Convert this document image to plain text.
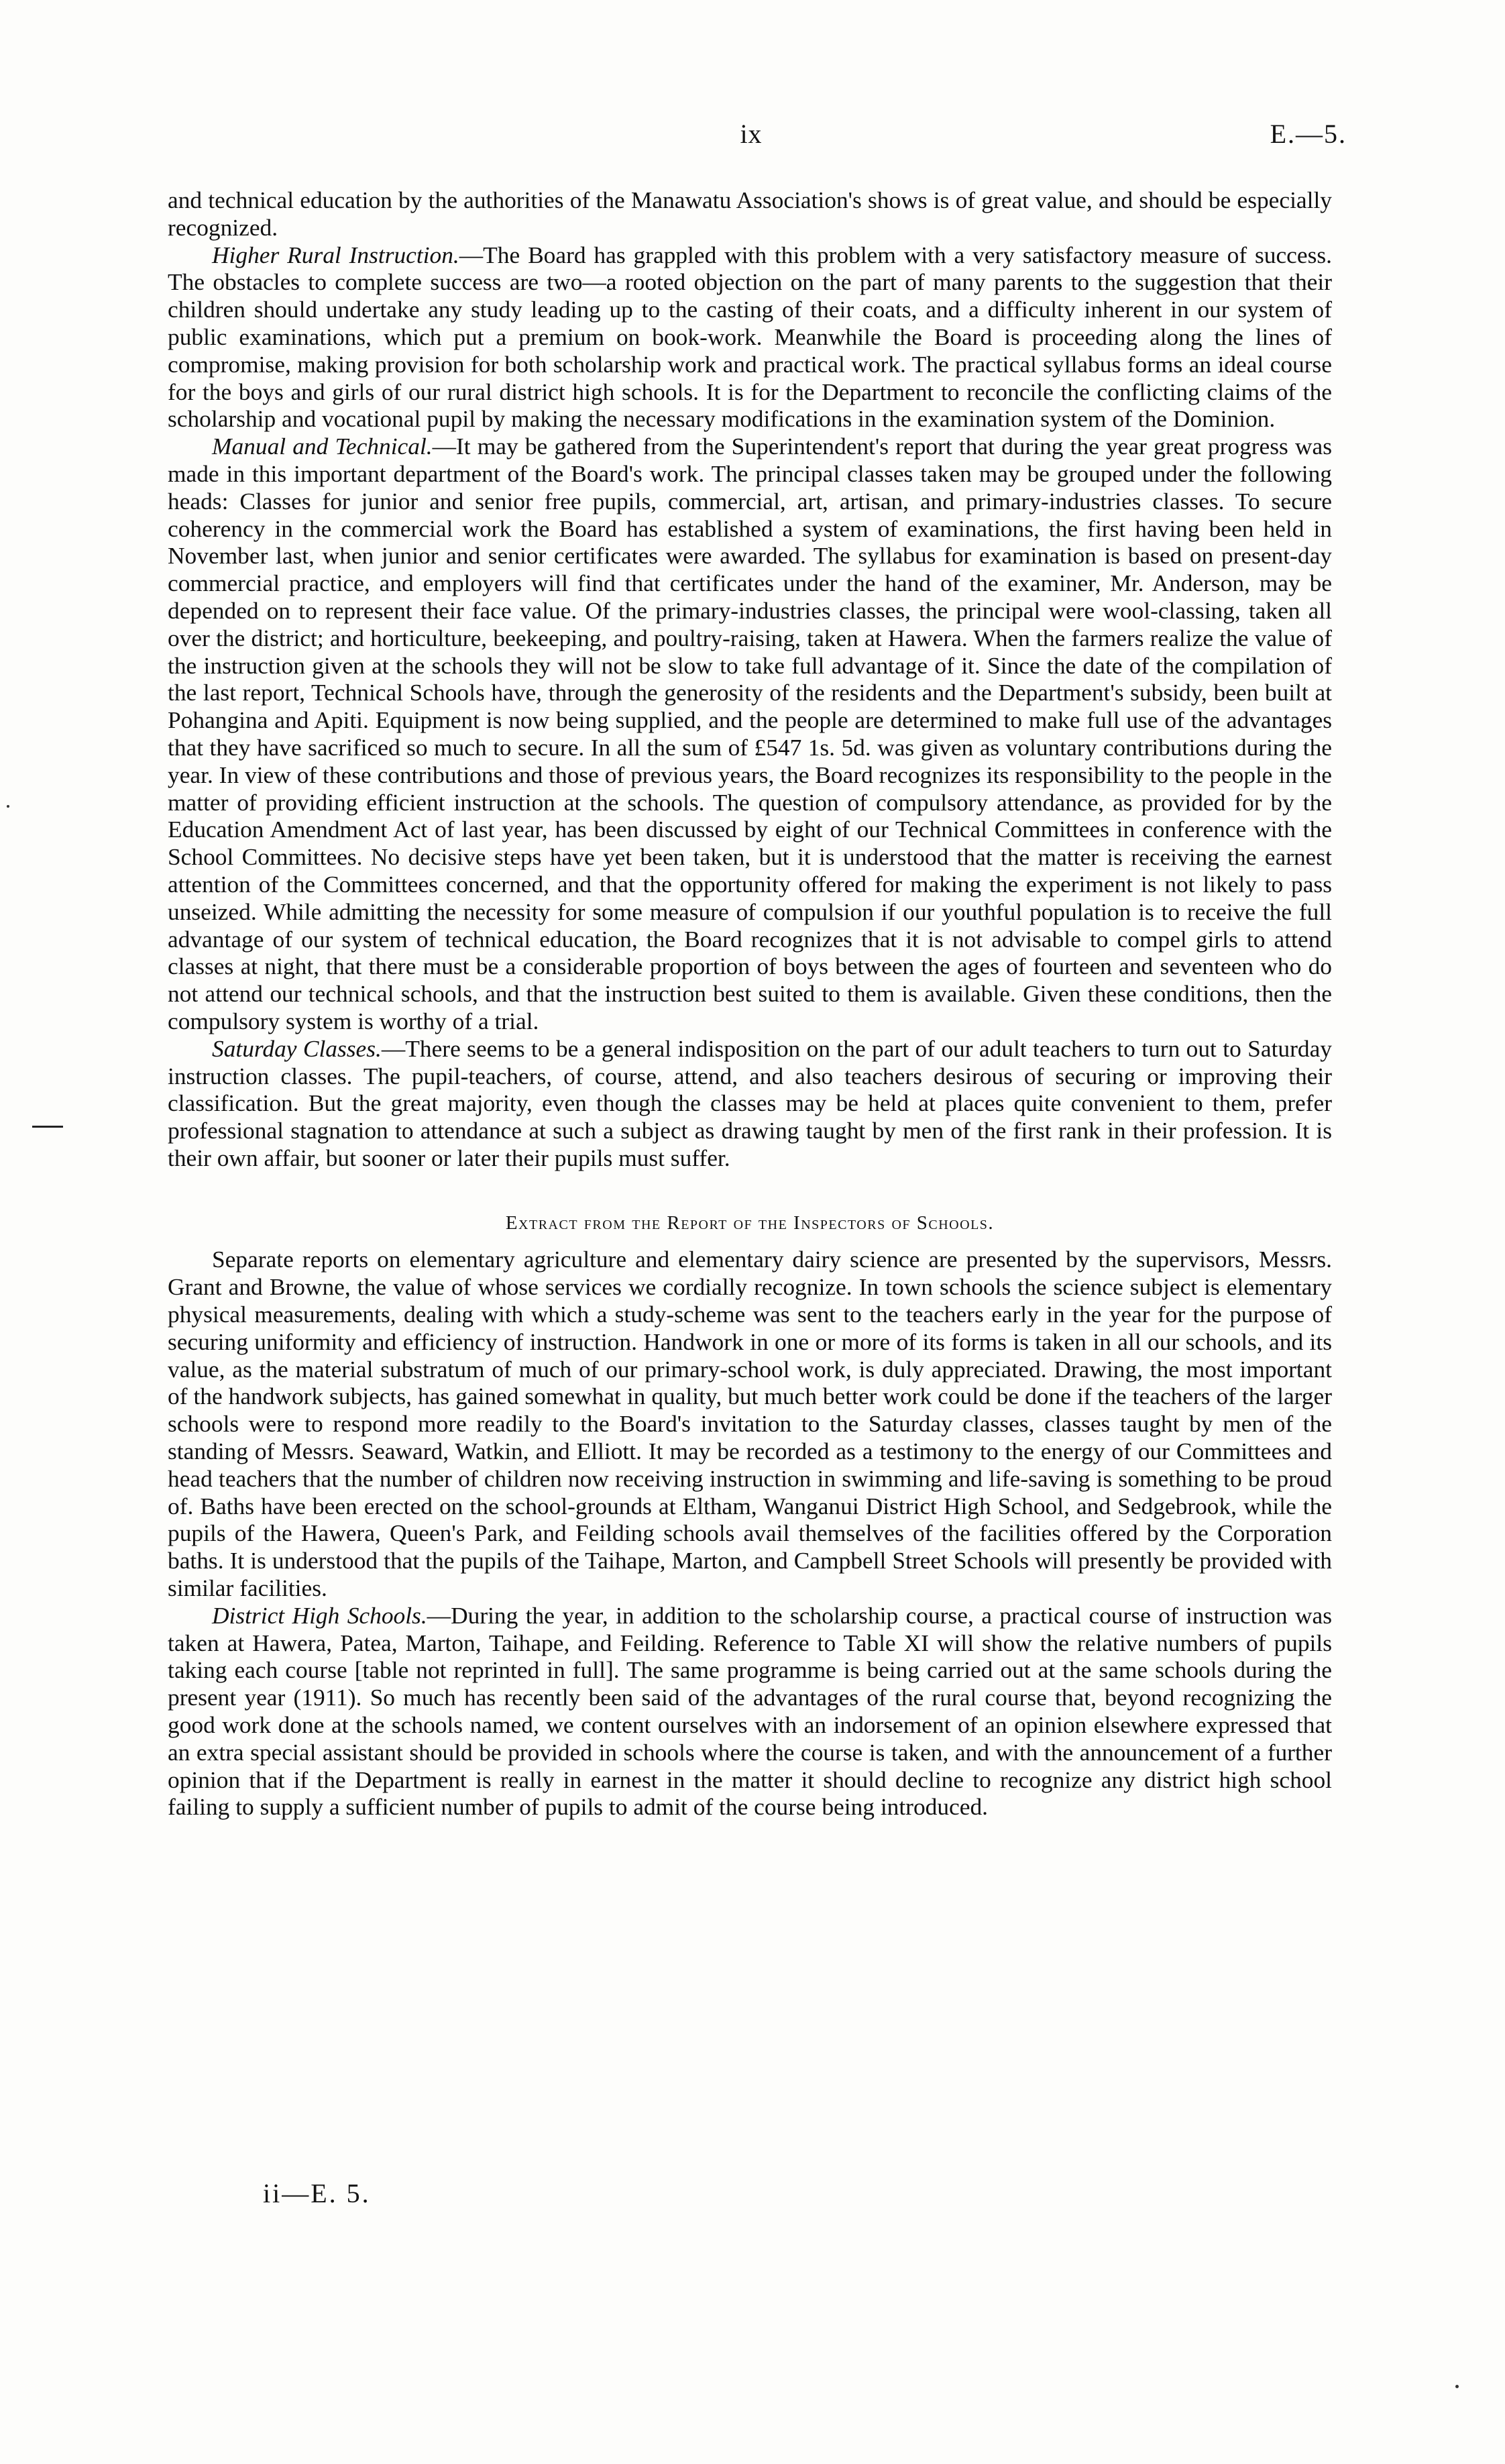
ix	E.—5.

and technical education by the authorities of the Manawatu Association's shows is of great value, and should be especially recognized.

Higher Rural Instruction.—The Board has grappled with this problem with a very satisfactory measure of success. The obstacles to complete success are two—a rooted objection on the part of many parents to the suggestion that their children should undertake any study leading up to the casting of their coats, and a difficulty inherent in our system of public examinations, which put a premium on book-work. Meanwhile the Board is proceeding along the lines of compromise, making provision for both scholarship work and practical work. The practical syllabus forms an ideal course for the boys and girls of our rural district high schools. It is for the Department to reconcile the conflicting claims of the scholarship and vocational pupil by making the necessary modifications in the examination system of the Dominion.

Manual and Technical.—It may be gathered from the Superintendent's report that during the year great progress was made in this important department of the Board's work. The principal classes taken may be grouped under the following heads: Classes for junior and senior free pupils, commercial, art, artisan, and primary-industries classes. To secure coherency in the commercial work the Board has established a system of examinations, the first having been held in November last, when junior and senior certificates were awarded. The syllabus for examination is based on present-day commercial practice, and employers will find that certificates under the hand of the examiner, Mr. Anderson, may be depended on to represent their face value. Of the primary-industries classes, the principal were wool-classing, taken all over the district; and horticulture, beekeeping, and poultry-raising, taken at Hawera. When the farmers realize the value of the instruction given at the schools they will not be slow to take full advantage of it. Since the date of the compilation of the last report, Technical Schools have, through the generosity of the residents and the Department's subsidy, been built at Pohangina and Apiti. Equipment is now being supplied, and the people are determined to make full use of the advantages that they have sacrificed so much to secure. In all the sum of £547 1s. 5d. was given as voluntary contributions during the year. In view of these contributions and those of previous years, the Board recognizes its responsibility to the people in the matter of providing efficient instruction at the schools. The question of compulsory attendance, as provided for by the Education Amendment Act of last year, has been discussed by eight of our Technical Committees in conference with the School Committees. No decisive steps have yet been taken, but it is understood that the matter is receiving the earnest attention of the Committees concerned, and that the opportunity offered for making the experiment is not likely to pass unseized. While admitting the necessity for some measure of compulsion if our youthful population is to receive the full advantage of our system of technical education, the Board recognizes that it is not advisable to compel girls to attend classes at night, that there must be a considerable proportion of boys between the ages of fourteen and seventeen who do not attend our technical schools, and that the instruction best suited to them is available. Given these conditions, then the compulsory system is worthy of a trial.

Saturday Classes.—There seems to be a general indisposition on the part of our adult teachers to turn out to Saturday instruction classes. The pupil-teachers, of course, attend, and also teachers desirous of securing or improving their classification. But the great majority, even though the classes may be held at places quite convenient to them, prefer professional stagnation to attendance at such a subject as drawing taught by men of the first rank in their profession. It is their own affair, but sooner or later their pupils must suffer.

Extract from the Report of the Inspectors of Schools.

Separate reports on elementary agriculture and elementary dairy science are presented by the supervisors, Messrs. Grant and Browne, the value of whose services we cordially recognize. In town schools the science subject is elementary physical measurements, dealing with which a study-scheme was sent to the teachers early in the year for the purpose of securing uniformity and efficiency of instruction. Handwork in one or more of its forms is taken in all our schools, and its value, as the material substratum of much of our primary-school work, is duly appreciated. Drawing, the most important of the handwork subjects, has gained somewhat in quality, but much better work could be done if the teachers of the larger schools were to respond more readily to the Board's invitation to the Saturday classes, classes taught by men of the standing of Messrs. Seaward, Watkin, and Elliott. It may be recorded as a testimony to the energy of our Committees and head teachers that the number of children now receiving instruction in swimming and life-saving is something to be proud of. Baths have been erected on the school-grounds at Eltham, Wanganui District High School, and Sedgebrook, while the pupils of the Hawera, Queen's Park, and Feilding schools avail themselves of the facilities offered by the Corporation baths. It is understood that the pupils of the Taihape, Marton, and Campbell Street Schools will presently be provided with similar facilities.

District High Schools.—During the year, in addition to the scholarship course, a practical course of instruction was taken at Hawera, Patea, Marton, Taihape, and Feilding. Reference to Table XI will show the relative numbers of pupils taking each course [table not reprinted in full]. The same programme is being carried out at the same schools during the present year (1911). So much has recently been said of the advantages of the rural course that, beyond recognizing the good work done at the schools named, we content ourselves with an indorsement of an opinion elsewhere expressed that an extra special assistant should be provided in schools where the course is taken, and with the announcement of a further opinion that if the Department is really in earnest in the matter it should decline to recognize any district high school failing to supply a sufficient number of pupils to admit of the course being introduced.

ii—E. 5.
